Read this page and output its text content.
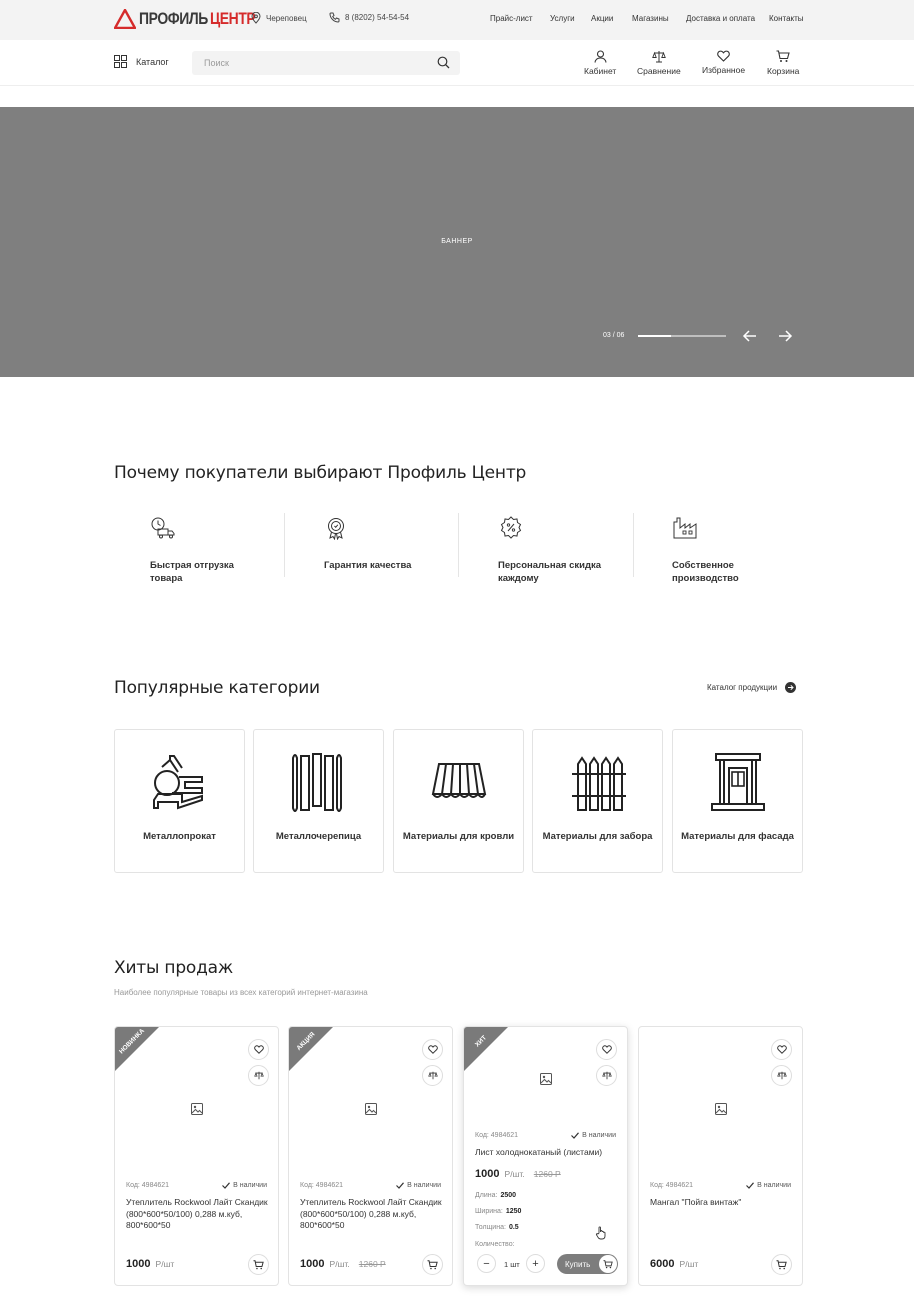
ПРОФИЛЬ ЦЕНТР Череповец	8 (8202) 54-54-54	Прайс-лист Услуги Акции Магазины Доставка и оплата Контакты
Каталог
Поиск
Кабинет Сравнение	Избранное	Корзина
БАННЕР
03 / 06
Почему покупатели выбирают Профиль Центр
Быстрая отгрузка товара
Гарантия качества	Персональная скидка каждому
Собственное производство
Популярные категории	Каталог продукции
Металлопрокат	Металлочерепица	Материалы для кровли	Материалы для забора	Материалы для фасада
Хиты продаж
Наиболее популярные товары из всех категорий интернет-магазина
НОВИНКА
Код: 4984621	В наличии
Утеплитель Rockwool Лайт Скандик (800*600*50/100) 0,288 м.куб, 800*600*50
1000 Р/шт
АКЦИЯ
Код: 4984621	В наличии
Утеплитель Rockwool Лайт Скандик (800*600*50/100) 0,288 м.куб, 800*600*50
1000 Р/шт. 1260 Р
ХИТ
Код: 4984621	В наличии
Лист холоднокатаный (листами)
1000 Р/шт. 1260 Р
Длина: 2500
Ширина: 1250
Толщина: 0.5
Количество:
−	1 шт	+	Купить
Код: 4984621	В наличии
Мангал "Пойга винтаж"
6000 Р/шт
